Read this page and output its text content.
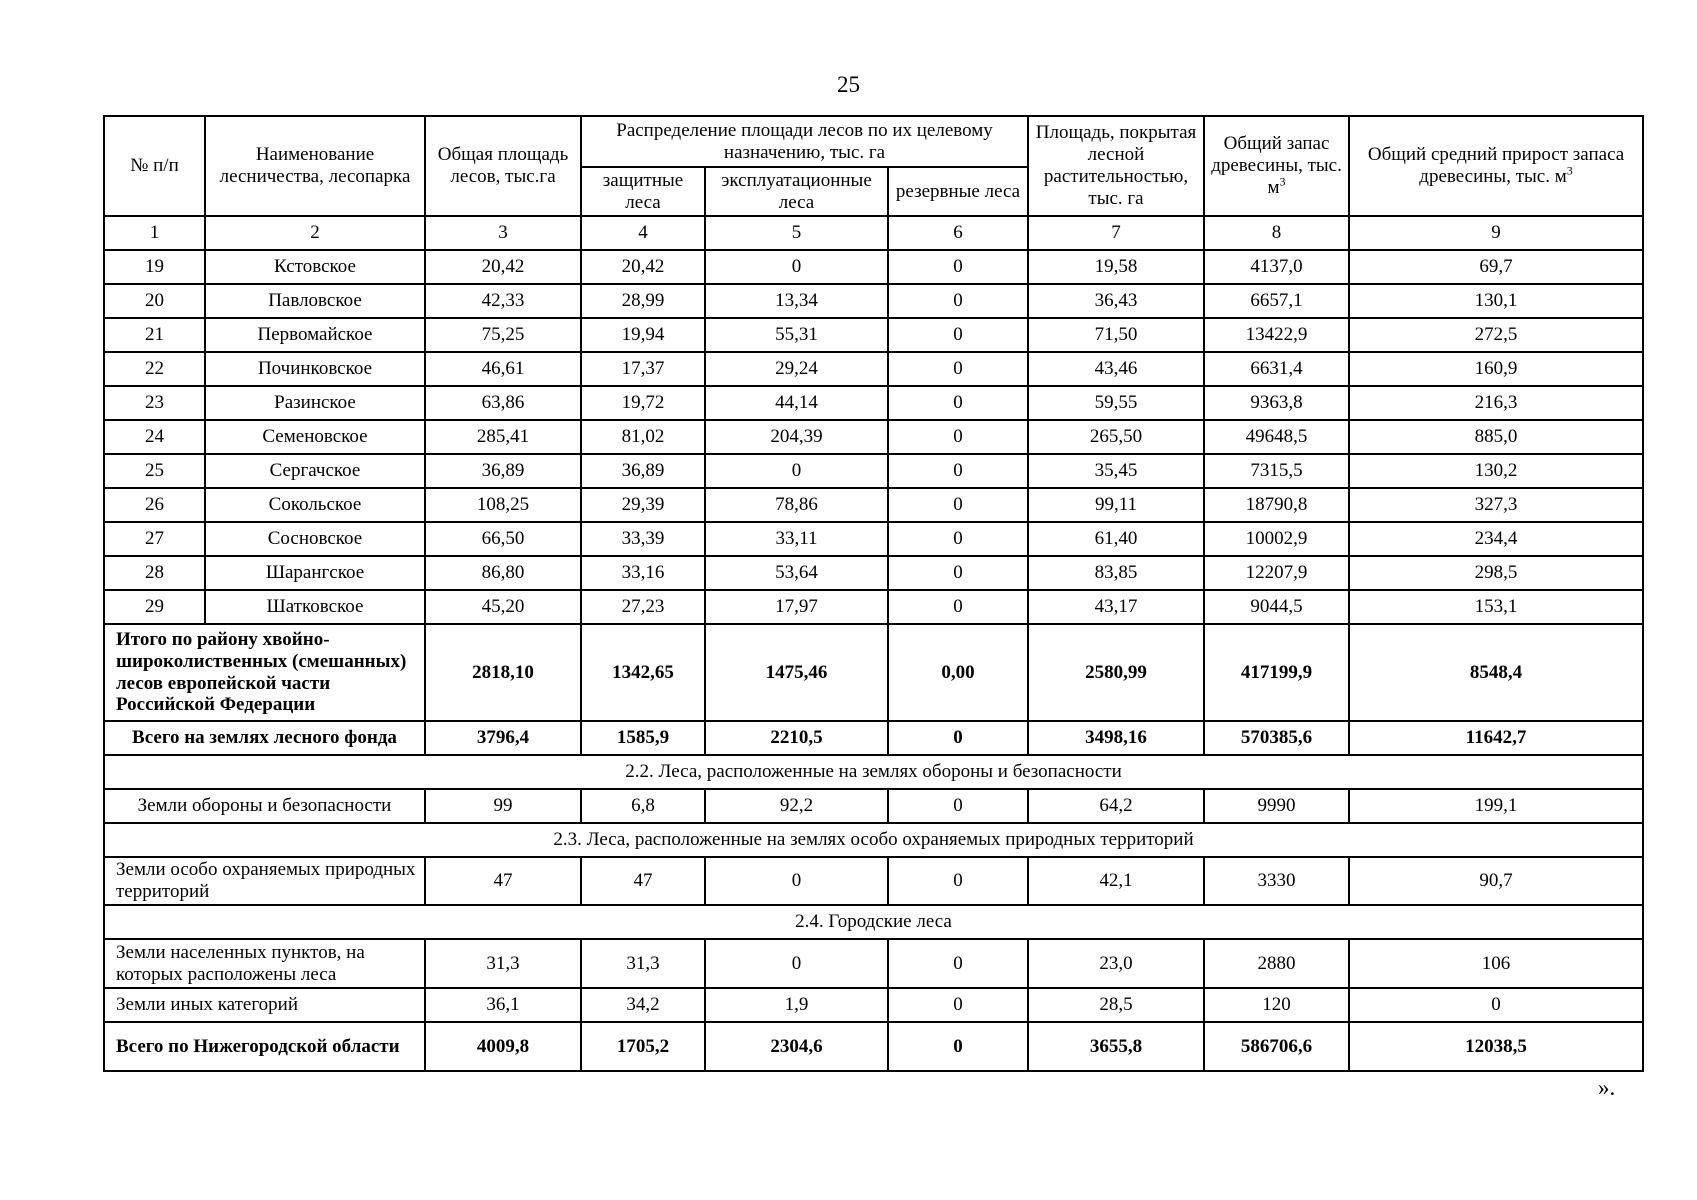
25
№ п/п	Наименование лесничества, лесопарка	Общая площадь лесов, тыс.га	Распределение площади лесов по их целевому назначению, тыс. га			Площадь, покрытая лесной растительностью, тыс. га	Общий запас древесины, тыс. $м^3$	Общий средний прирост запаса древесины, тыс. $м^3$
			защитные леса	эксплуатационные леса	резервные леса			
1	2	3	4	5	6	7	8	9
19	Кстовское	20,42	20,42	0	0	19,58	4137,0	69,7
20	Павловское	42,33	28,99	13,34	0	36,43	6657,1	130,1
21	Первомайское	75,25	19,94	55,31	0	71,50	13422,9	272,5
22	Починковское	46,61	17,37	29,24	0	43,46	6631,4	160,9
23	Разинское	63,86	19,72	44,14	0	59,55	9363,8	216,3
24	Семеновское	285,41	81,02	204,39	0	265,50	49648,5	885,0
25	Сергачское	36,89	36,89	0	0	35,45	7315,5	130,2
26	Сокольское	108,25	29,39	78,86	0	99,11	18790,8	327,3
27	Сосновское	66,50	33,39	33,11	0	61,40	10002,9	234,4
28	Шарангское	86,80	33,16	53,64	0	83,85	12207,9	298,5
29	Шатковское	45,20	27,23	17,97	0	43,17	9044,5	153,1
Итого по району хвойно-широколиственных (смешанных) лесов европейской части Российской Федерации		2818,10	1342,65	1475,46	0,00	2580,99	417199,9	8548,4
Всего на землях лесного фонда		3796,4	1585,9	2210,5	0	3498,16	570385,6	11642,7
2.2. Леса, расположенные на землях обороны и безопасности								
Земли обороны и безопасности		99	6,8	92,2	0	64,2	9990	199,1
2.3. Леса, расположенные на землях особо охраняемых природных территорий								
Земли особо охраняемых природных территорий		47	47	0	0	42,1	3330	90,7
2.4. Городские леса								
Земли населенных пунктов, на которых расположены леса		31,3	31,3	0	0	23,0	2880	106
Земли иных категорий		36,1	34,2	1,9	0	28,5	120	0
Всего по Нижегородской области		4009,8	1705,2	2304,6	0	3655,8	586706,6	12038,5
».
